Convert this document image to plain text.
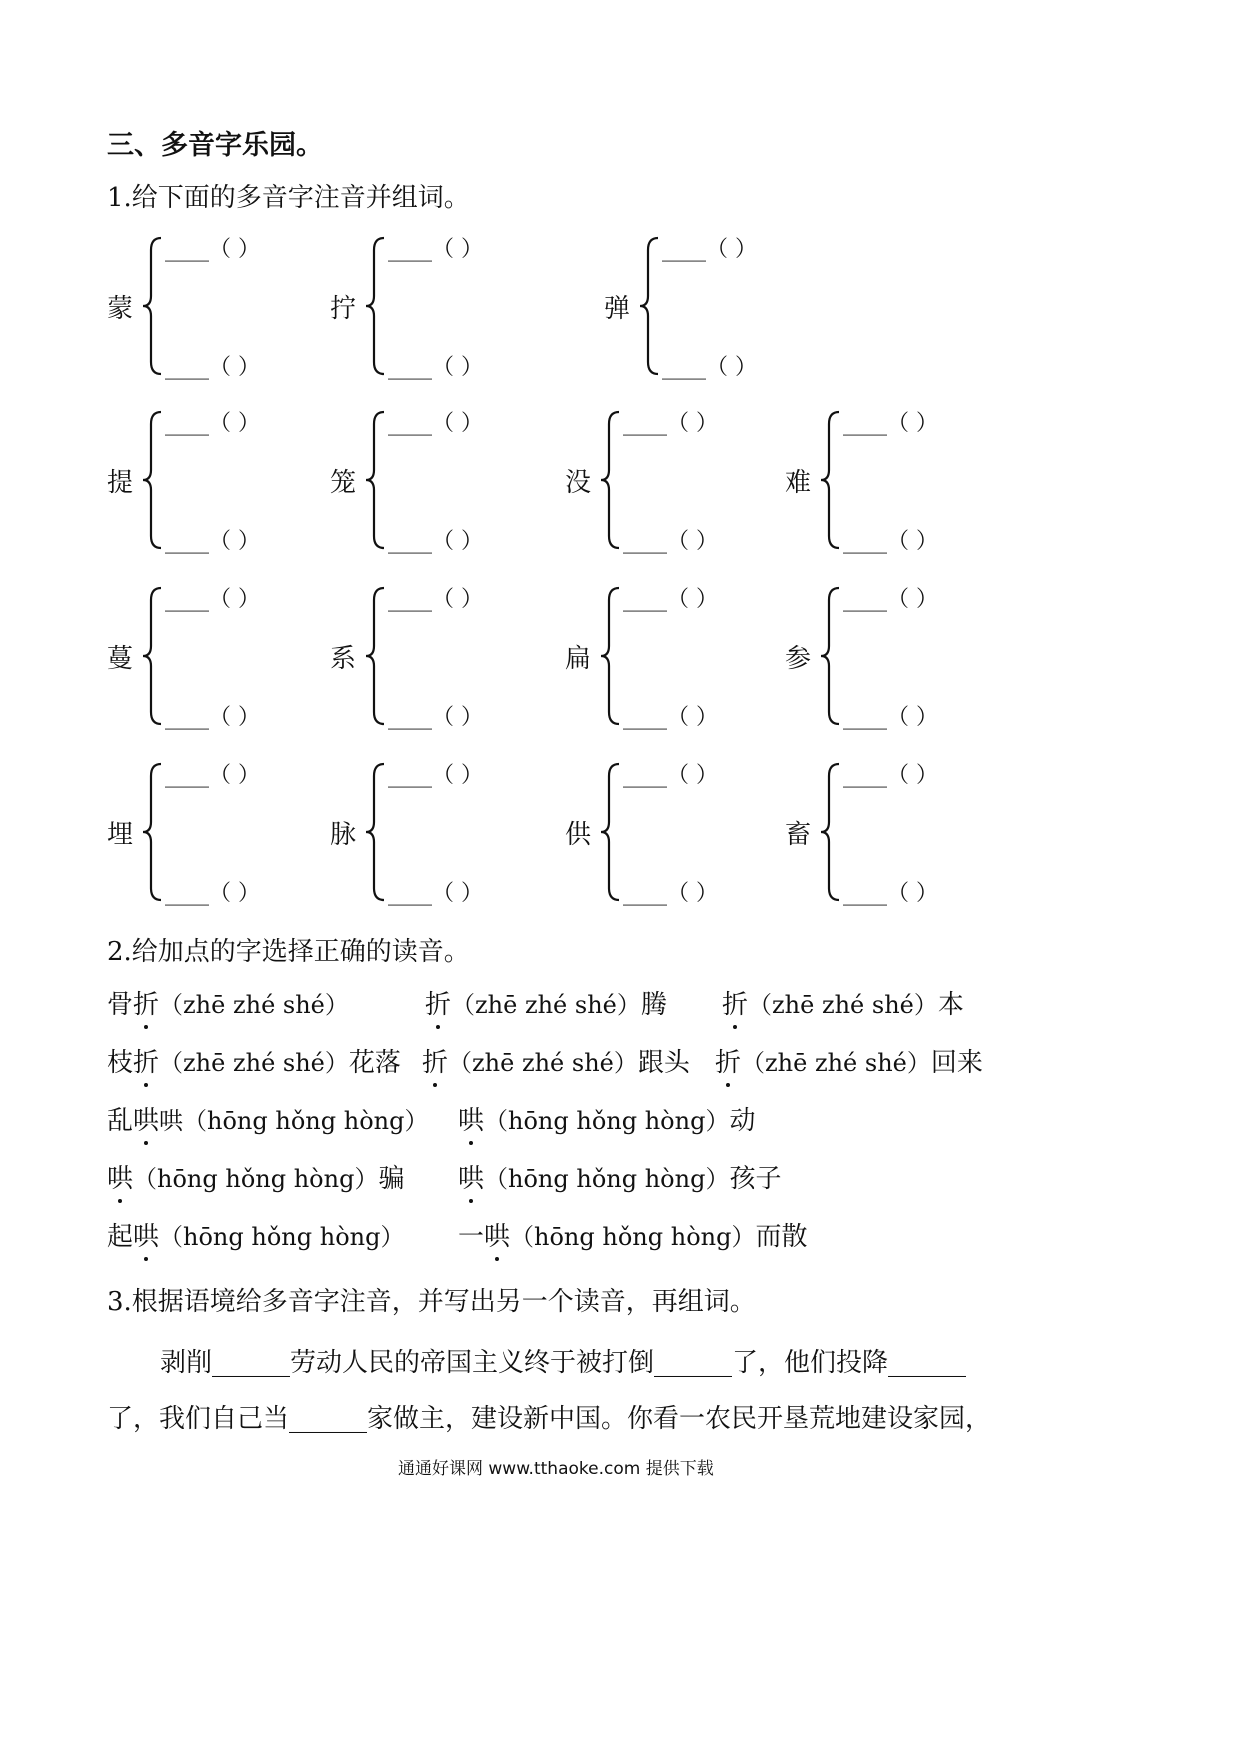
三、多音字乐园。
1.给下面的多音字注音并组词。
蒙
____（ ）
____（ ）
拧
____（ ）
____（ ）
弹
____（ ）
____（ ）
提
____（ ）
____（ ）
笼
____（ ）
____（ ）
没
____（ ）
____（ ）
难
____（ ）
____（ ）
蔓
____（ ）
____（ ）
系
____（ ）
____（ ）
扁
____（ ）
____（ ）
参
____（ ）
____（ ）
埋
____（ ）
____（ ）
脉
____（ ）
____（ ）
供
____（ ）
____（ ）
畜
____（ ）
____（ ）
2.给加点的字选择正确的读音。
骨折（zhē zhé shé）	折（zhē zhé shé）腾 折（zhē zhé shé）本
枝折（zhē zhé shé）花落 折（zhē zhé shé）跟头 折（zhē zhé shé）回来
乱哄哄（hōng hǒng hòng） 哄（hōng hǒng hòng）动
哄（hōng hǒng hòng）骗 哄（hōng hǒng hòng）孩子
起哄（hōng hǒng hòng） 一哄（hōng hǒng hòng）而散
3.根据语境给多音字注音，并写出另一个读音，再组词。
剥削______劳动人民的帝国主义终于被打倒______了，他们投降______
了，我们自己当______家做主，建设新中国。你看一农民开垦荒地建设家园，
通通好课网 www.tthaoke.com 提供下载
